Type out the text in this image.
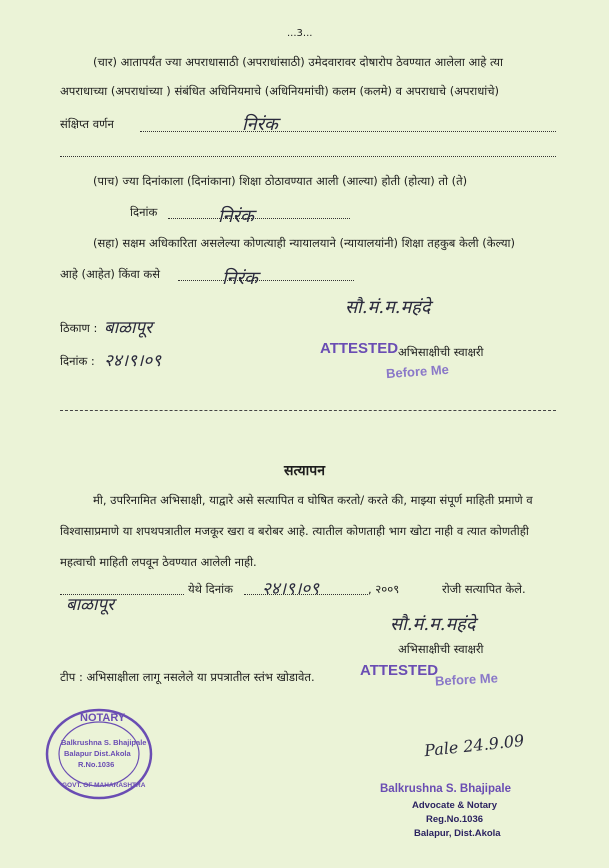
...3...
(चार) आतापर्यंत ज्या अपराधासाठी (अपराधांसाठी) उमेदवारावर दोषारोप ठेवण्यात आलेला आहे त्या
अपराधाच्या (अपराधांच्या ) संबंधित अधिनियमाचे (अधिनियमांची) कलम (कलमे) व अपराधाचे (अपराधांचे)
संक्षिप्त वर्णन	निरंक
(पाच) ज्या दिनांकाला (दिनांकाना) शिक्षा ठोठावण्यात आली (आल्या) होती (होत्या) तो (ते)
दिनांक	निरंक
(सहा) सक्षम अधिकारिता असलेल्या कोणत्याही न्यायालयाने (न्यायालयांनी) शिक्षा तहकुब केली (केल्या)
आहे (आहेत) किंवा कसे	निरंक
ठिकाण : बाळापूर
दिनांक : २४।९।०९
सौ.मं.म.महंदे
ATTESTED अभिसाक्षीची स्वाक्षरी
Before Me
सत्यापन
मी, उपरिनामित अभिसाक्षी, याद्वारे असे सत्यापित व घोषित करतो/ करते की, माझ्या संपूर्ण माहिती प्रमाणे व
विश्वासाप्रमाणे या शपथपत्रातील मजकूर खरा व बरोबर आहे. त्यातील कोणताही भाग खोटा नाही व त्यात कोणतीही
महत्वाची माहिती लपवून ठेवण्यात आलेली नाही.
बाळापूर
येथे दिनांक २४।९।०९	, २००९	रोजी सत्यापित केले.
सौ.मं.म.महंदे
अभिसाक्षीची स्वाक्षरी
टीप : अभिसाक्षीला लागू नसलेले या प्रपत्रातील स्तंभ खोडावेत.	ATTESTED
Before Me
NOTARY
Balkrushna S. Bhajipale
Balapur Dist.Akola
R.No.1036
GOVT. OF MAHARASHTRA
Pale 24.9.09
Balkrushna S. Bhajipale
Advocate & Notary
Reg.No.1036
Balapur, Dist.Akola
